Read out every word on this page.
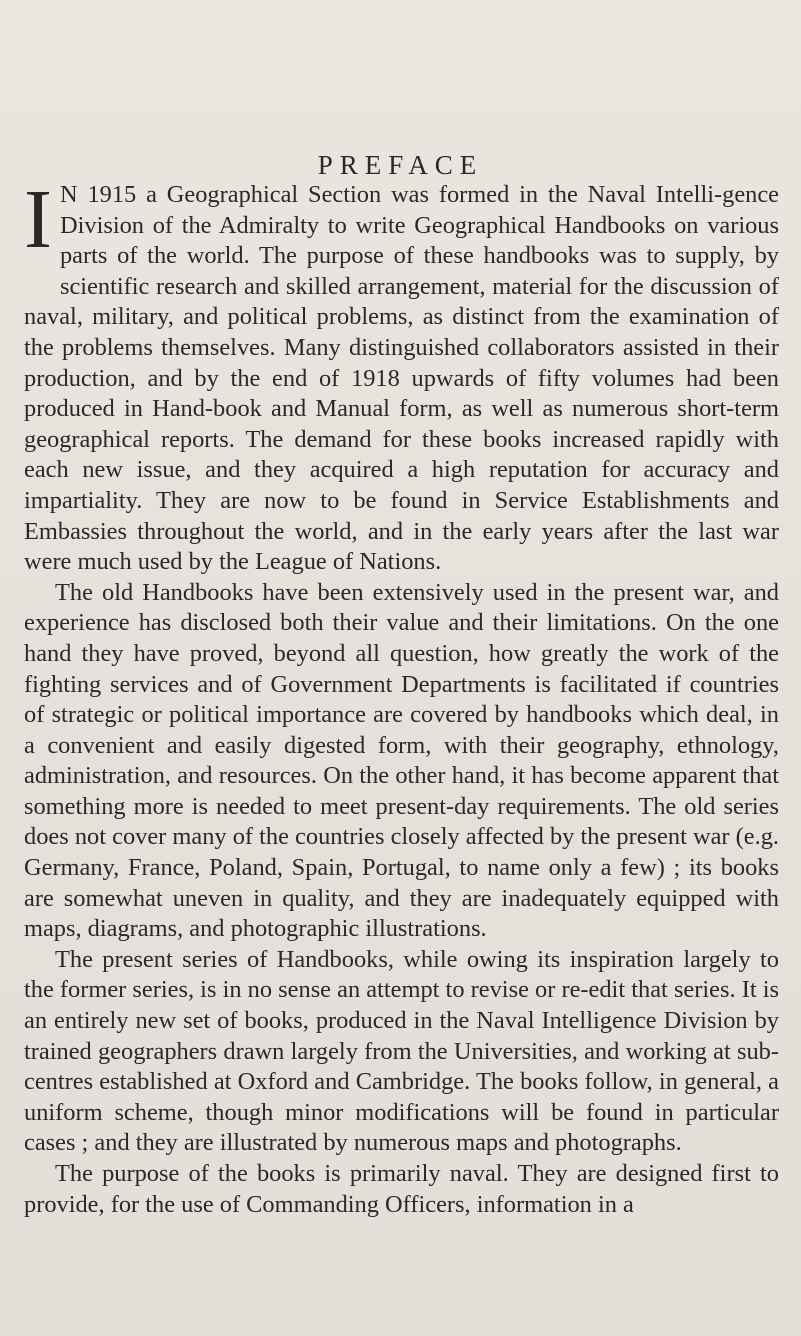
PREFACE

I N 1915 a Geographical Section was formed in the Naval Intelli-gence Division of the Admiralty to write Geographical Handbooks on various parts of the world. The purpose of these handbooks was to supply, by scientific research and skilled arrangement, material for the discussion of naval, military, and political problems, as distinct from the examination of the problems themselves. Many distinguished collaborators assisted in their production, and by the end of 1918 upwards of fifty volumes had been produced in Hand-book and Manual form, as well as numerous short-term geographical reports. The demand for these books increased rapidly with each new issue, and they acquired a high reputation for accuracy and impartiality. They are now to be found in Service Establishments and Embassies throughout the world, and in the early years after the last war were much used by the League of Nations.

The old Handbooks have been extensively used in the present war, and experience has disclosed both their value and their limitations. On the one hand they have proved, beyond all question, how greatly the work of the fighting services and of Government Departments is facilitated if countries of strategic or political importance are covered by handbooks which deal, in a convenient and easily digested form, with their geography, ethnology, administration, and resources. On the other hand, it has become apparent that something more is needed to meet present-day requirements. The old series does not cover many of the countries closely affected by the present war (e.g. Germany, France, Poland, Spain, Portugal, to name only a few) ; its books are somewhat uneven in quality, and they are inadequately equipped with maps, diagrams, and photographic illustrations.

The present series of Handbooks, while owing its inspiration largely to the former series, is in no sense an attempt to revise or re-edit that series. It is an entirely new set of books, produced in the Naval Intelligence Division by trained geographers drawn largely from the Universities, and working at sub-centres established at Oxford and Cambridge. The books follow, in general, a uniform scheme, though minor modifications will be found in particular cases ; and they are illustrated by numerous maps and photographs.

The purpose of the books is primarily naval. They are designed first to provide, for the use of Commanding Officers, information in a
